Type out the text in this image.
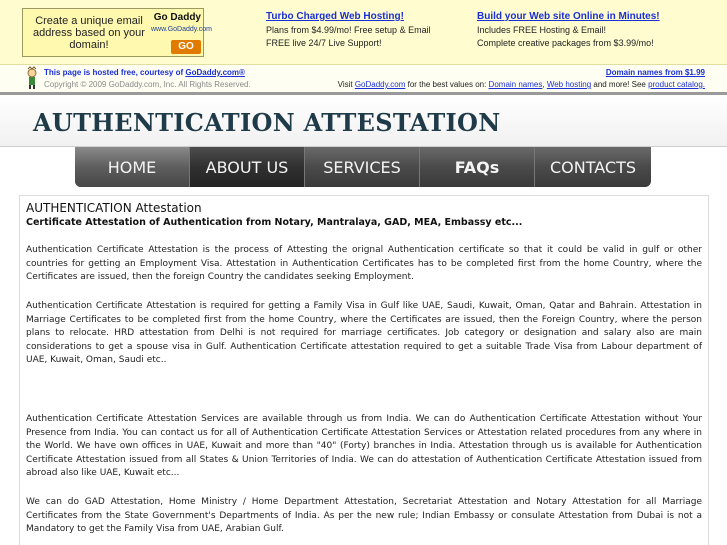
Create a unique email address based on your domain!
Go Daddy
www.GoDaddy.com
GO
Turbo Charged Web Hosting!
Plans from $4.99/mo! Free setup & Email
FREE live 24/7 Live Support!
Build your Web site Online in Minutes!
Includes FREE Hosting & Email!
Complete creative packages from $3.99/mo!
This page is hosted free, courtesy of GoDaddy.com®
Copyright © 2009 GoDaddy.com, Inc. All Rights Reserved.
Domain names from $1.99
Visit GoDaddy.com for the best values on: Domain names, Web hosting and more! See product catalog.
AUTHENTICATION ATTESTATION
HOME	ABOUT US	SERVICES	FAQs	CONTACTS
AUTHENTICATION Attestation
Certificate Attestation of Authentication from Notary, Mantralaya, GAD, MEA, Embassy etc...

Authentication Certificate Attestation is the process of Attesting the orignal Authentication certificate so that it could be valid in gulf or other countries for getting an Employment Visa. Attestation in Authentication Certificates has to be completed first from the home Country, where the Certificates are issued, then the foreign Country the candidates seeking Employment.

Authentication Certificate Attestation is required for getting a Family Visa in Gulf like UAE, Saudi, Kuwait, Oman, Qatar and Bahrain. Attestation in Marriage Certificates to be completed first from the home Country, where the Certificates are issued, then the Foreign Country, where the person plans to relocate. HRD attestation from Delhi is not required for marriage certificates. Job category or designation and salary also are main considerations to get a spouse visa in Gulf. Authentication Certificate attestation required to get a suitable Trade Visa from Labour department of UAE, Kuwait, Oman, Saudi etc..

Authentication Certificate Attestation Services are available through us from India. We can do Authentication Certificate Attestation without Your Presence from India. You can contact us for all of Authentication Certificate Attestation Services or Attestation related procedures from any where in the World. We have own offices in UAE, Kuwait and more than "40" (Forty) branches in India. Attestation through us is available for Authentication Certificate Attestation issued from all States & Union Territories of India. We can do attestation of Authentication Certificate Attestation issued from abroad also like UAE, Kuwait etc...

We can do GAD Attestation, Home Ministry / Home Department Attestation, Secretariat Attestation and Notary Attestation for all Marriage Certificates from the State Government's Departments of India. As per the new rule; Indian Embassy or consulate Attestation from Dubai is not a Mandatory to get the Family Visa from UAE, Arabian Gulf.
